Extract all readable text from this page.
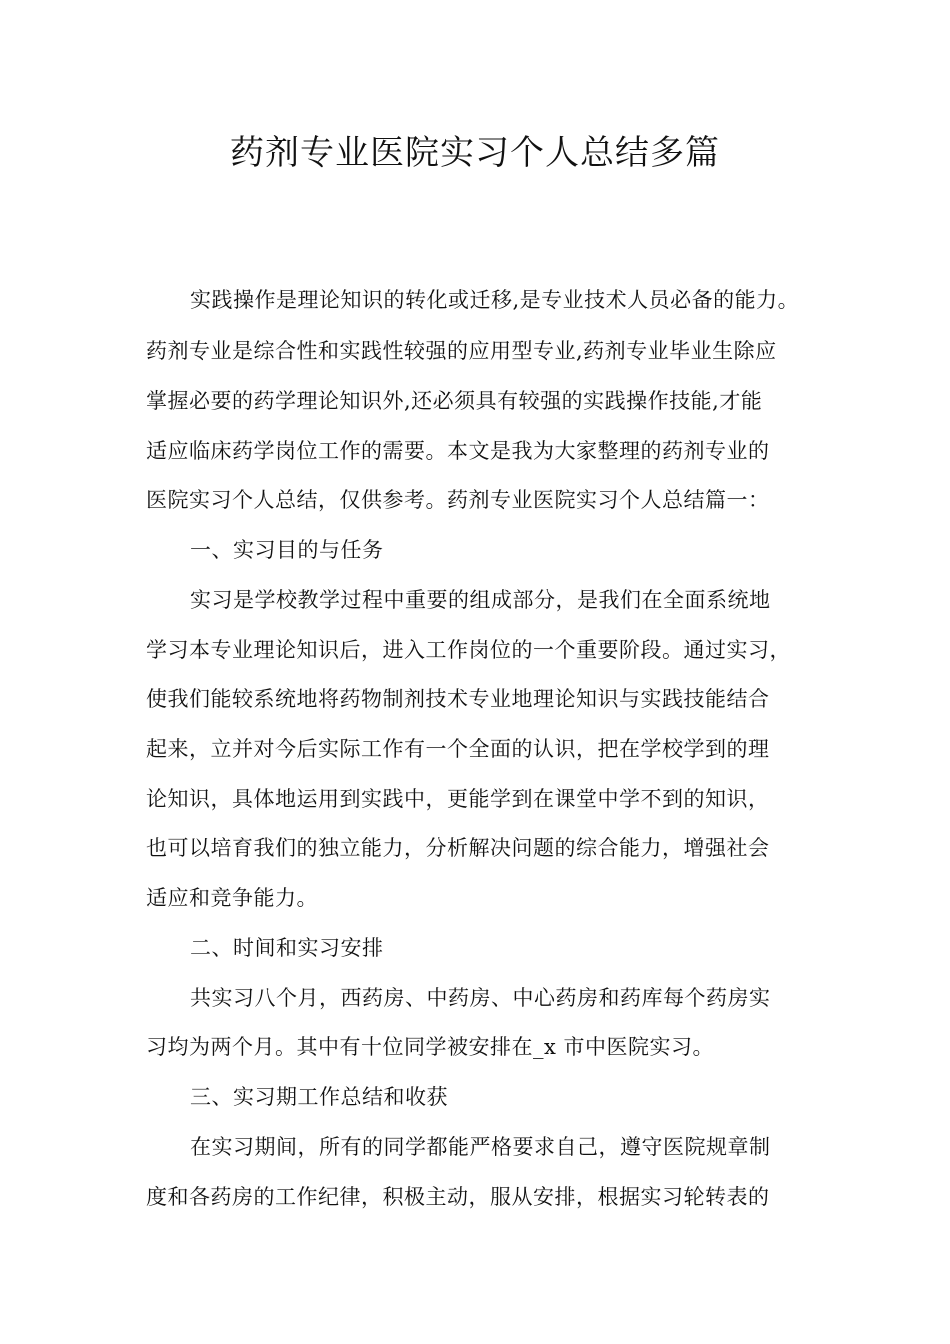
药剂专业医院实习个人总结多篇
实践操作是理论知识的转化或迁移,是专业技术人员必备的能力。
药剂专业是综合性和实践性较强的应用型专业,药剂专业毕业生除应
掌握必要的药学理论知识外,还必须具有较强的实践操作技能,才能
适应临床药学岗位工作的需要。本文是我为大家整理的药剂专业的
医院实习个人总结，仅供参考。药剂专业医院实习个人总结篇一：
一、实习目的与任务
实习是学校教学过程中重要的组成部分，是我们在全面系统地
学习本专业理论知识后，进入工作岗位的一个重要阶段。通过实习，
使我们能较系统地将药物制剂技术专业地理论知识与实践技能结合
起来，立并对今后实际工作有一个全面的认识，把在学校学到的理
论知识，具体地运用到实践中，更能学到在课堂中学不到的知识，
也可以培育我们的独立能力，分析解决问题的综合能力，增强社会
适应和竞争能力。
二、时间和实习安排
共实习八个月，西药房、中药房、中心药房和药库每个药房实
习均为两个月。其中有十位同学被安排在_x 市中医院实习。
三、实习期工作总结和收获
在实习期间，所有的同学都能严格要求自己，遵守医院规章制
度和各药房的工作纪律，积极主动，服从安排，根据实习轮转表的
